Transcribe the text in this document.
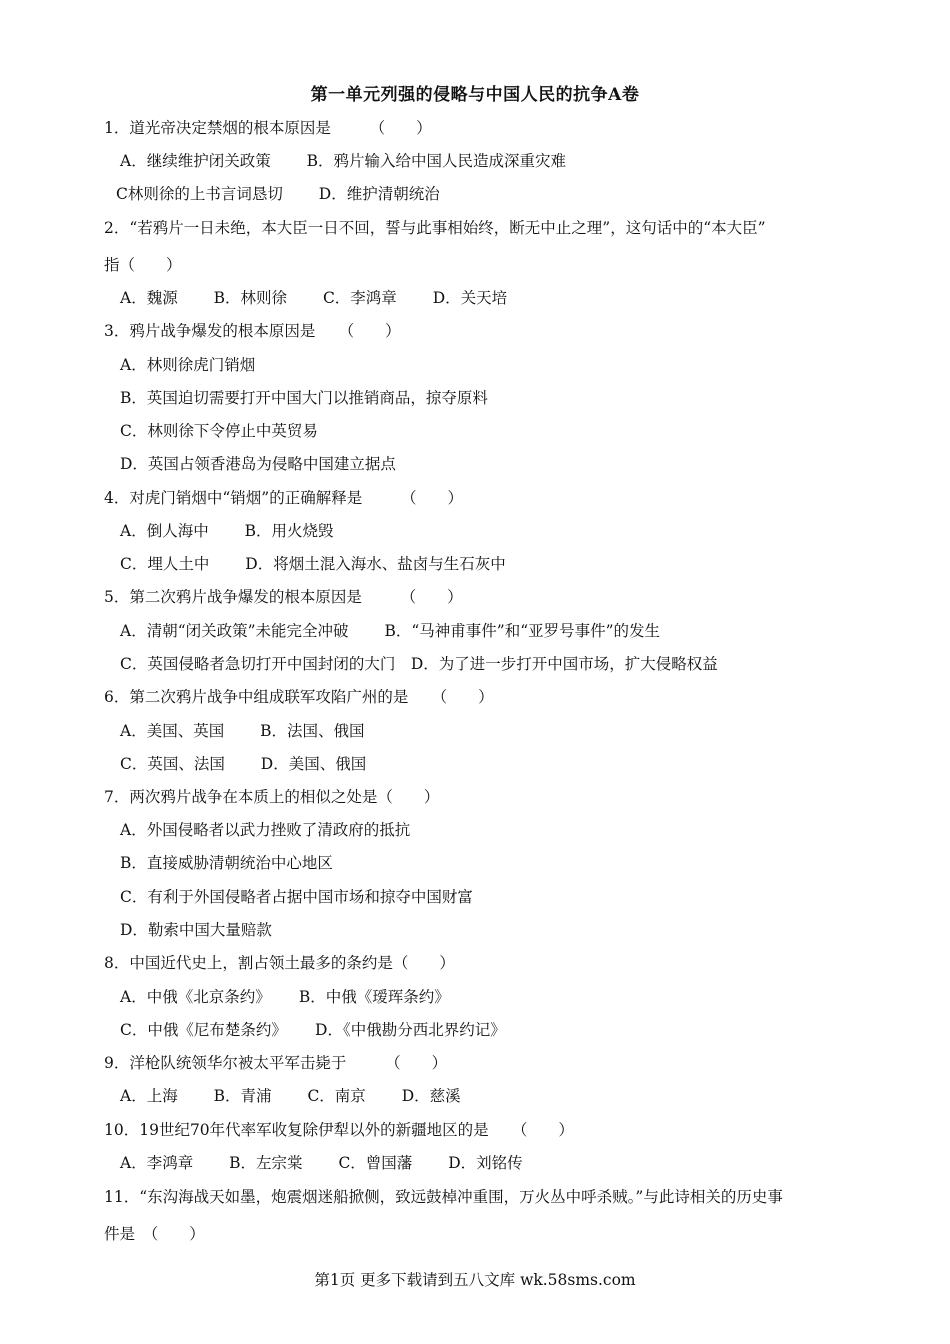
第一单元列强的侵略与中国人民的抗争A卷
1．道光帝决定禁烟的根本原因是　　　（　　）
A．继续维护闭关政策　　 B．鸦片输入给中国人民造成深重灾难
C林则徐的上书言词恳切　　 D．维护清朝统治
2．“若鸦片一日未绝，本大臣一日不回，誓与此事相始终，断无中止之理”，这句话中的“本大臣”
指（　　）
A．魏源　　 B．林则徐　　 C．李鸿章　　 D．关天培
3．鸦片战争爆发的根本原因是　　（　　）
A．林则徐虎门销烟
B．英国迫切需要打开中国大门以推销商品，掠夺原料
C．林则徐下令停止中英贸易
D．英国占领香港岛为侵略中国建立据点
4．对虎门销烟中“销烟”的正确解释是　　　（　　）
A．倒人海中　　 B．用火烧毁
C．埋人土中　　 D．将烟土混入海水、盐卤与生石灰中
5．第二次鸦片战争爆发的根本原因是　　　（　　）
A．清朝“闭关政策”未能完全冲破　　 B．“马神甫事件”和“亚罗号事件”的发生
C．英国侵略者急切打开中国封闭的大门　D．为了进一步打开中国市场，扩大侵略权益
6．第二次鸦片战争中组成联军攻陷广州的是　　（　　）
A．美国、英国　　 B．法国、俄国
C．英国、法国　　 D．美国、俄国
7．两次鸦片战争在本质上的相似之处是（　　）
A．外国侵略者以武力挫败了清政府的抵抗
B．直接威胁清朝统治中心地区
C．有利于外国侵略者占据中国市场和掠夺中国财富
D．勒索中国大量赔款
8．中国近代史上，割占领土最多的条约是（　　）
A．中俄《北京条约》　　 B．中俄《瑷珲条约》
C．中俄《尼布楚条约》　　 D．《中俄勘分西北界约记》
9．洋枪队统领华尔被太平军击毙于　　　（　　）
A．上海　　 B．青浦　　 C．南京　　 D．慈溪
10．19世纪70年代率军收复除伊犁以外的新疆地区的是　　（　　）
A．李鸿章　　 B．左宗棠　　 C．曾国藩　　 D．刘铭传
11．“东沟海战天如墨，炮震烟迷船掀侧，致远鼓棹冲重围，万火丛中呼杀贼。”与此诗相关的历史事
件是　（　　）
第1页 更多下载请到五八文库 wk.58sms.com
